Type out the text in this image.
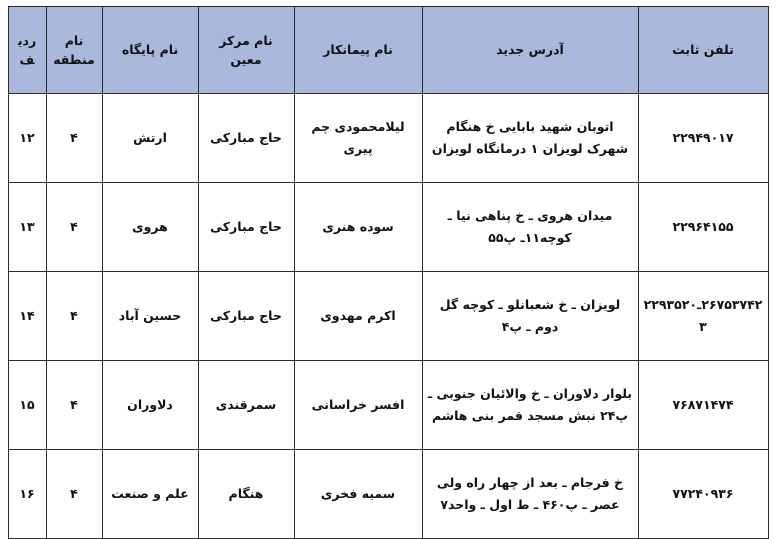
تلفن ثابت	آدرس جدید	نام پیمانکار	نام مرکز معین	نام پایگاه	نام منطقه	ردیف

۲۲۹۴۹۰۱۷	اتوبان شهید بابایی خ هنگام شهرک لویزان ۱ درمانگاه لویزان	لیلامحمودی چم پیری	حاج مبارکی	ارتش	۴	۱۲
۲۲۹۶۴۱۵۵	میدان هروی ـ خ پناهی نیا ـ کوچه۱۱ـ پ۵۵	سوده هنری	حاج مبارکی	هروی	۴	۱۳
۲۶۷۵۳۷۴۲ـ۲۲۹۳۵۲۰۳	لویزان ـ خ شعبانلو ـ کوچه گل دوم ـ پ۴	اکرم مهدوی	حاج مبارکی	حسین آباد	۴	۱۴
۷۶۸۷۱۴۷۴	بلوار دلاوران ـ خ والائیان جنوبی ـ پ۲۴ نبش مسجد قمر بنی هاشم	افسر خراسانی	سمرقندی	دلاوران	۴	۱۵
۷۷۲۴۰۹۳۶	خ فرجام ـ بعد از چهار راه ولی عصر ـ پ۴۶۰ ـ ط اول ـ واحد۷	سمیه فخری	هنگام	علم و صنعت	۴	۱۶
